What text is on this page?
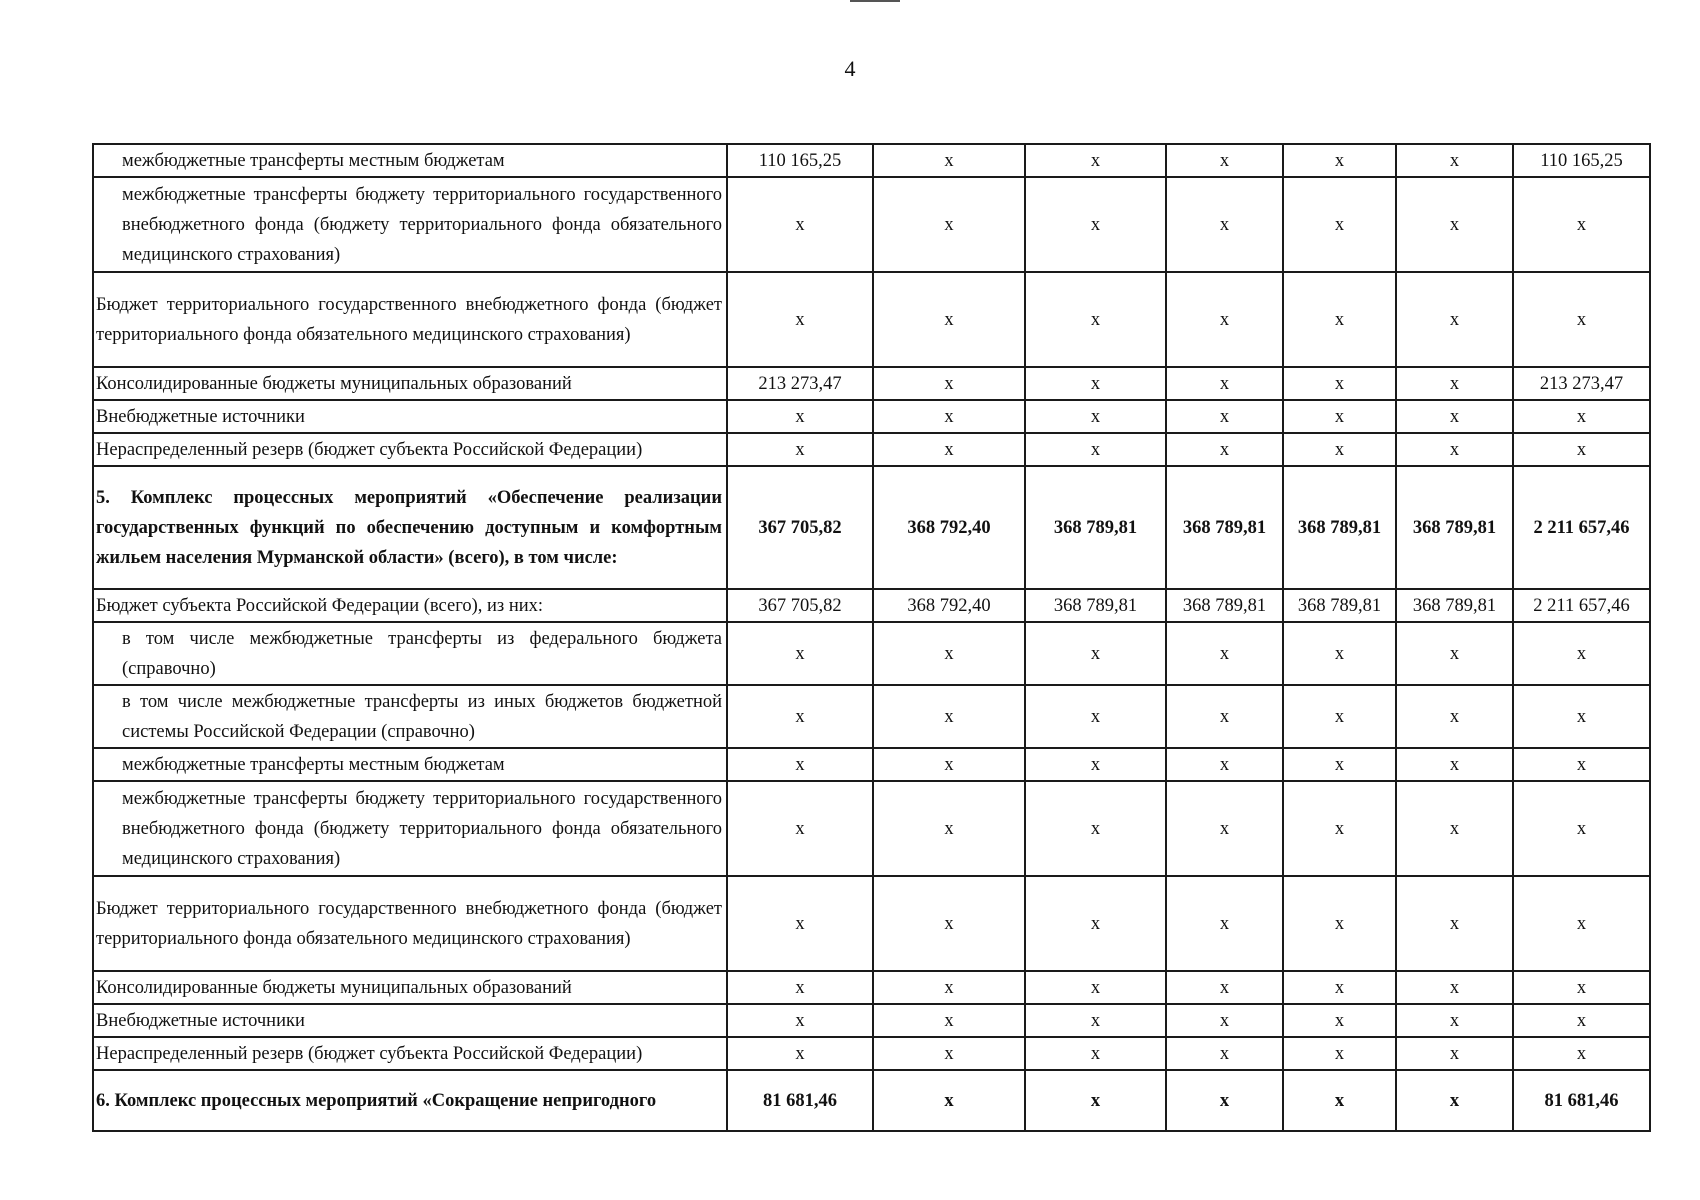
4
межбюджетные трансферты местным бюджетам	110 165,25	x	x	x	x	x	110 165,25
межбюджетные трансферты бюджету территориального государственного внебюджетного фонда (бюджету территориального фонда обязательного медицинского страхования)	x	x	x	x	x	x	x
Бюджет территориального государственного внебюджетного фонда (бюджет территориального фонда обязательного медицинского страхования)	x	x	x	x	x	x	x
Консолидированные бюджеты муниципальных образований	213 273,47	x	x	x	x	x	213 273,47
Внебюджетные источники	x	x	x	x	x	x	x
Нераспределенный резерв (бюджет субъекта Российской Федерации)	x	x	x	x	x	x	x
5. Комплекс процессных мероприятий «Обеспечение реализации государственных функций по обеспечению доступным и комфортным жильем населения Мурманской области» (всего), в том числе:	367 705,82	368 792,40	368 789,81	368 789,81	368 789,81	368 789,81	2 211 657,46
Бюджет субъекта Российской Федерации (всего), из них:	367 705,82	368 792,40	368 789,81	368 789,81	368 789,81	368 789,81	2 211 657,46
в том числе межбюджетные трансферты из федерального бюджета (справочно)	x	x	x	x	x	x	x
в том числе межбюджетные трансферты из иных бюджетов бюджетной системы Российской Федерации (справочно)	x	x	x	x	x	x	x
межбюджетные трансферты местным бюджетам	x	x	x	x	x	x	x
межбюджетные трансферты бюджету территориального государственного внебюджетного фонда (бюджету территориального фонда обязательного медицинского страхования)	x	x	x	x	x	x	x
Бюджет территориального государственного внебюджетного фонда (бюджет территориального фонда обязательного медицинского страхования)	x	x	x	x	x	x	x
Консолидированные бюджеты муниципальных образований	x	x	x	x	x	x	x
Внебюджетные источники	x	x	x	x	x	x	x
Нераспределенный резерв (бюджет субъекта Российской Федерации)	x	x	x	x	x	x	x
6. Комплекс процессных мероприятий «Сокращение непригодного	81 681,46	x	x	x	x	x	81 681,46
